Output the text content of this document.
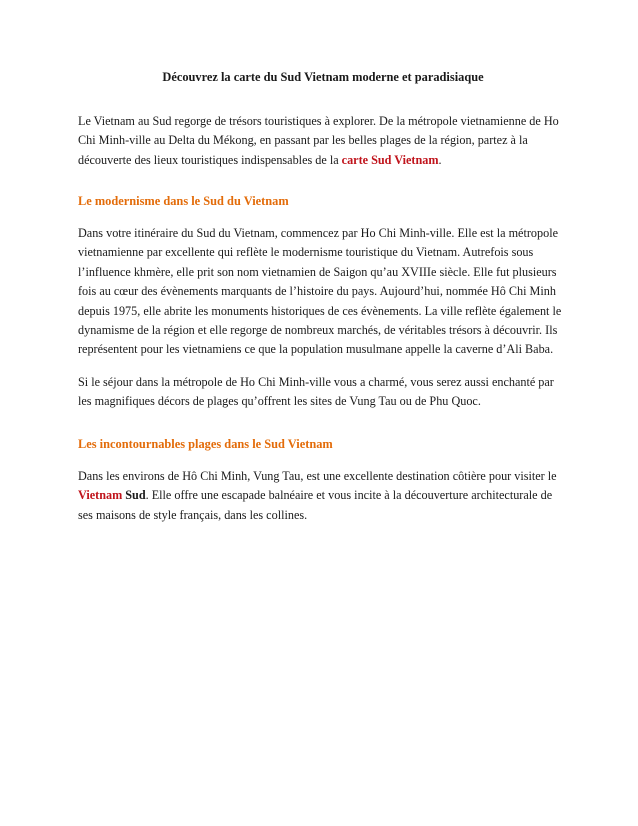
Découvrez la carte du Sud Vietnam moderne et paradisiaque

Le Vietnam au Sud regorge de trésors touristiques à explorer. De la métropole vietnamienne de Ho Chi Minh-ville au Delta du Mékong, en passant par les belles plages de la région, partez à la découverte des lieux touristiques indispensables de la carte Sud Vietnam.

Le modernisme dans le Sud du Vietnam

Dans votre itinéraire du Sud du Vietnam, commencez par Ho Chi Minh-ville. Elle est la métropole vietnamienne par excellente qui reflète le modernisme touristique du Vietnam. Autrefois sous l’influence khmère, elle prit son nom vietnamien de Saigon qu’au XVIIIe siècle. Elle fut plusieurs fois au cœur des évènements marquants de l’histoire du pays. Aujourd’hui, nommée Hô Chi Minh depuis 1975, elle abrite les monuments historiques de ces évènements. La ville reflète également le dynamisme de la région et elle regorge de nombreux marchés, de véritables trésors à découvrir. Ils représentent pour les vietnamiens ce que la population musulmane appelle la caverne d’Ali Baba.

Si le séjour dans la métropole de Ho Chi Minh-ville vous a charmé, vous serez aussi enchanté par les magnifiques décors de plages qu’offrent les sites de Vung Tau ou de Phu Quoc.

Les incontournables plages dans le Sud Vietnam

Dans les environs de Hô Chi Minh, Vung Tau, est une excellente destination côtière pour visiter le Vietnam Sud. Elle offre une escapade balnéaire et vous incite à la découverture architecturale de ses maisons de style français, dans les collines.
